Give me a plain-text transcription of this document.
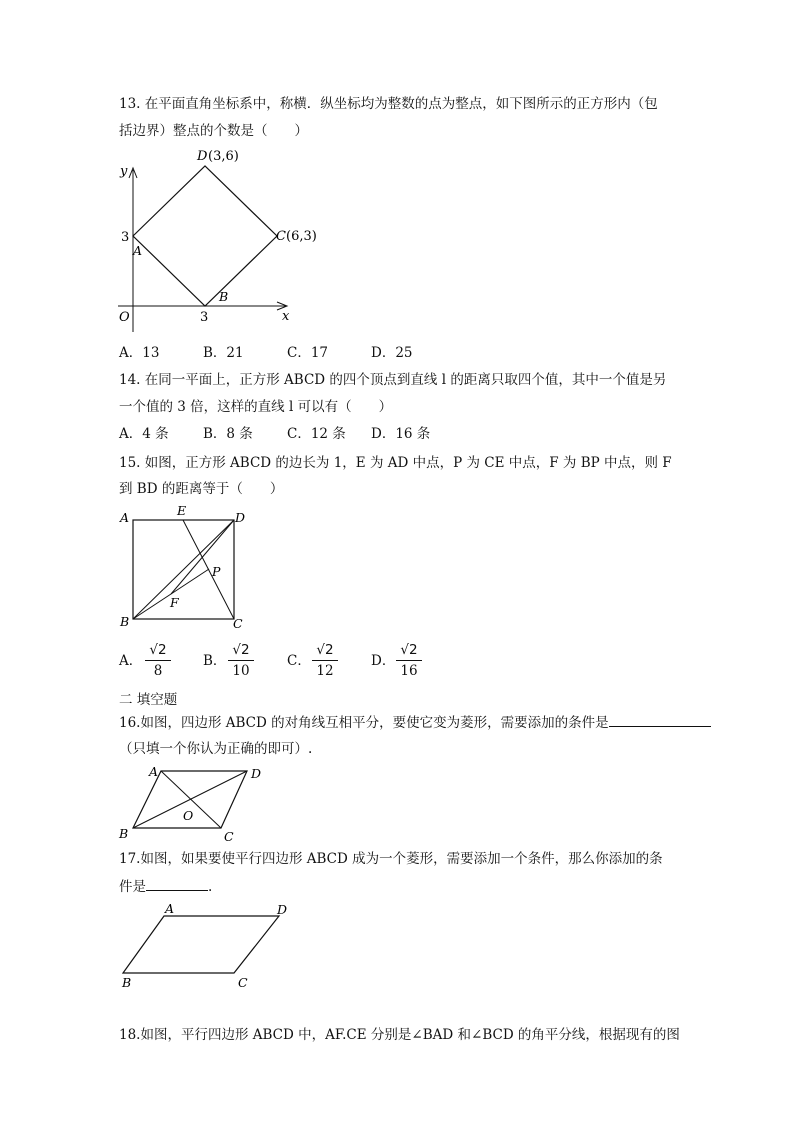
13. 在平面直角坐标系中，称横．纵坐标均为整数的点为整点，如下图所示的正方形内（包
括边界）整点的个数是（　　）
y
x
O
3
3
A
B
C (6,3)
D (3,6)
A．13	B．21	C．17	D．25
14. 在同一平面上，正方形 ABCD 的四个顶点到直线 l 的距离只取四个值，其中一个值是另
一个值的 3 倍，这样的直线 l 可以有（　　）
A．4 条	B．8 条	C．12 条 D．16 条
15. 如图，正方形 ABCD 的边长为 1，E 为 AD 中点，P 为 CE 中点，F 为 BP 中点，则 F
到 BD 的距离等于（　　）
A	E	D
P
F
B	C
A． $\frac{√2}{8}$ B． $\frac{√2}{10}$ C． $\frac{√2}{12}$ D． $\frac{√2}{16}$
二 填空题
16.如图，四边形 ABCD 的对角线互相平分，要使它变为菱形，需要添加的条件是
（只填一个你认为正确的即可）.
A	D
O
B	C
17.如图，如果要使平行四边形 ABCD 成为一个菱形，需要添加一个条件，那么你添加的条
件是	.
A	D
B	C
18.如图，平行四边形 ABCD 中，AF.CE 分别是∠BAD 和∠BCD 的角平分线，根据现有的图
